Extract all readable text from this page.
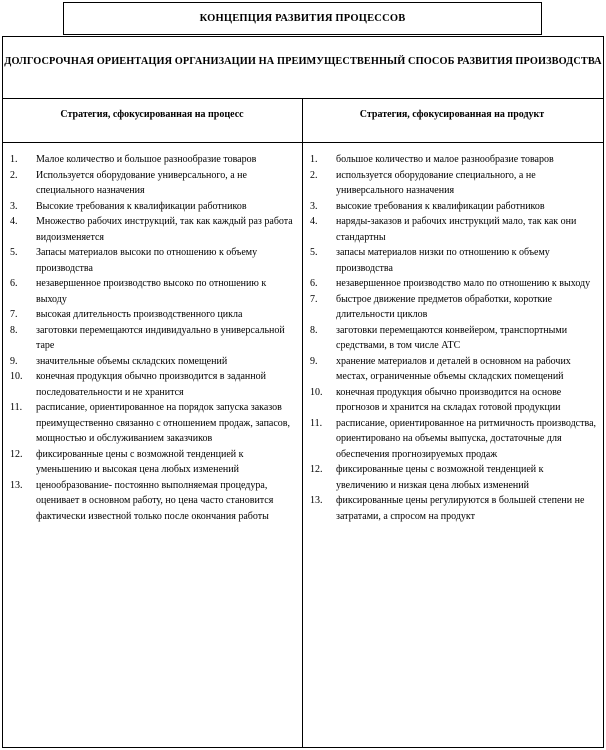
КОНЦЕПЦИЯ РАЗВИТИЯ ПРОЦЕССОВ
ДОЛГОСРОЧНАЯ ОРИЕНТАЦИЯ ОРГАНИЗАЦИИ НА ПРЕИМУЩЕСТВЕННЫЙ СПОСОБ РАЗВИТИЯ ПРОИЗВОДСТВА
Стратегия, сфокусированная на процесс	Стратегия, сфокусированная на продукт
1.	Малое количество и большое разнообразие товаров
2.	Используется оборудование универсального, а не специального назначения
3.	Высокие требования к квалификации работников
4.	Множество рабочих инструкций, так как каждый раз работа видоизменяется
5.	Запасы материалов высоки по отношению к объему производства
6.	незавершенное производство высоко по отношению к выходу
7.	высокая длительность производственного цикла
8.	заготовки перемещаются индивидуально в универсальной таре
9.	значительные объемы складских помещений
10.	конечная продукция обычно производится в заданной последовательности и не хранится
11.	расписание, ориентированное на порядок запуска заказов преимущественно связанно с отношением продаж, запасов, мощностью и обслуживанием заказчиков
12.	фиксированные цены с возможной тенденцией к уменьшению и высокая цена любых изменений
13.	ценообразование- постоянно выполняемая процедура, оценивает в основном работу, но цена часто становится фактически известной только после окончания работы
1.	большое количество и малое разнообразие товаров
2.	используется оборудование специального, а не универсального назначения
3.	высокие требования к квалификации работников
4.	наряды-заказов и рабочих инструкций мало, так как они стандартны
5.	запасы материалов низки по отношению к объему производства
6.	незавершенное производство мало по отношению к выходу
7.	быстрое движение предметов обработки, короткие длительности циклов
8.	заготовки перемещаются конвейером, транспортными средствами, в том числе АТС
9.	хранение материалов и деталей в основном на рабочих местах, ограниченные объемы складских помещений
10.	конечная продукция обычно производится на основе прогнозов и хранится на складах готовой продукции
11.	расписание, ориентированное на ритмичность производства, ориентировано на объемы выпуска, достаточные для обеспечения прогнозируемых продаж
12.	фиксированные цены с возможной тенденцией к увеличению и низкая цена любых изменений
13.	фиксированные цены регулируются в большей степени не затратами, а спросом на продукт
